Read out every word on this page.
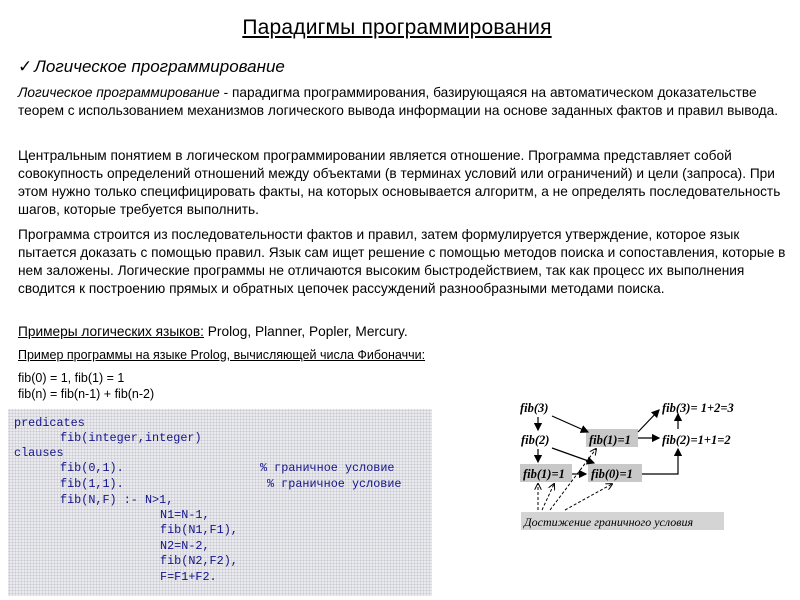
Парадигмы программирования
✓ Логическое программирование
Логическое программирование - парадигма программирования, базирующаяся на автоматическом доказательстве теорем с использованием механизмов логического вывода информации на основе заданных фактов и правил вывода.
Центральным понятием в логическом программировании является отношение. Программа представляет собой совокупность определений отношений между объектами (в терминах условий или ограничений) и цели (запроса). При этом нужно только специфицировать факты, на которых основывается алгоритм, а не определять последовательность шагов, которые требуется выполнить.
Программа строится из последовательности фактов и правил, затем формулируется утверждение, которое язык пытается доказать с помощью правил. Язык сам ищет решение с помощью методов поиска и сопоставления, которые в нем заложены. Логические программы не отличаются высоким быстродействием, так как процесс их выполнения сводится к построению прямых и обратных цепочек рассуждений разнообразными методами поиска.
Примеры логических языков: Prolog, Planner, Popler, Mercury.
Пример программы на языке Prolog, вычисляющей числа Фибоначчи:
fib(0) = 1, fib(1) = 1
fib(n) = fib(n-1) + fib(n-2)
predicates
fib(integer,integer)
clauses
fib(0,1).	% граничное условие
fib(1,1).	% граничное условие
fib(N,F) :- N>1,
N1=N-1,
fib(N1,F1),
N2=N-2,
fib(N2,F2),
F=F1+F2.
fib(3)
fib(2)	fib(1)=1
fib(1)=1 fib(0)=1
fib(2)=1+1=2
fib(3)= 1+2=3
Достижение граничного условия
